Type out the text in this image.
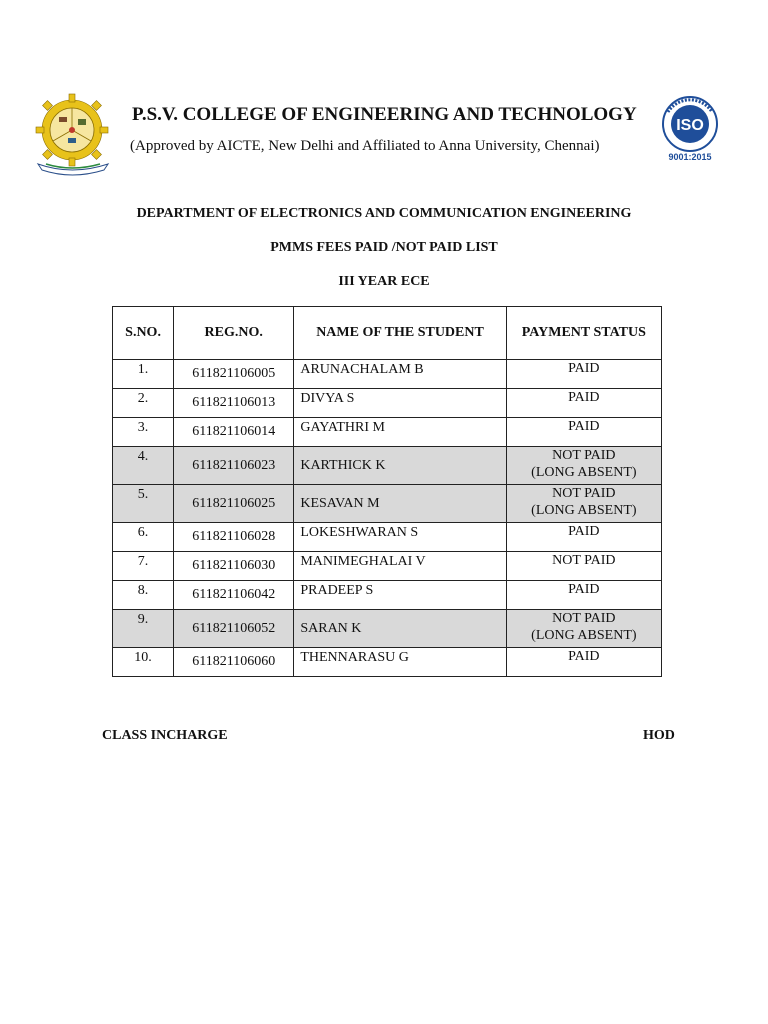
P.S.V. COLLEGE OF ENGINEERING AND TECHNOLOGY
(Approved by AICTE, New Delhi and Affiliated to Anna University, Chennai)
ISO
9001:2015
DEPARTMENT OF ELECTRONICS AND COMMUNICATION ENGINEERING
PMMS FEES PAID /NOT PAID LIST
III YEAR ECE
S.NO.	REG.NO.	NAME OF THE STUDENT	PAYMENT STATUS
1.	611821106005	ARUNACHALAM B	PAID
2.	611821106013	DIVYA S	PAID
3.	611821106014	GAYATHRI M	PAID
4.	611821106023	KARTHICK K	NOT PAID
(LONG ABSENT)
5.	611821106025	KESAVAN M	NOT PAID
(LONG ABSENT)
6.	611821106028	LOKESHWARAN S	PAID
7.	611821106030	MANIMEGHALAI V	NOT PAID
8.	611821106042	PRADEEP S	PAID
9.	611821106052	SARAN K	NOT PAID
(LONG ABSENT)
10.	611821106060	THENNARASU G	PAID
CLASS INCHARGE	HOD
